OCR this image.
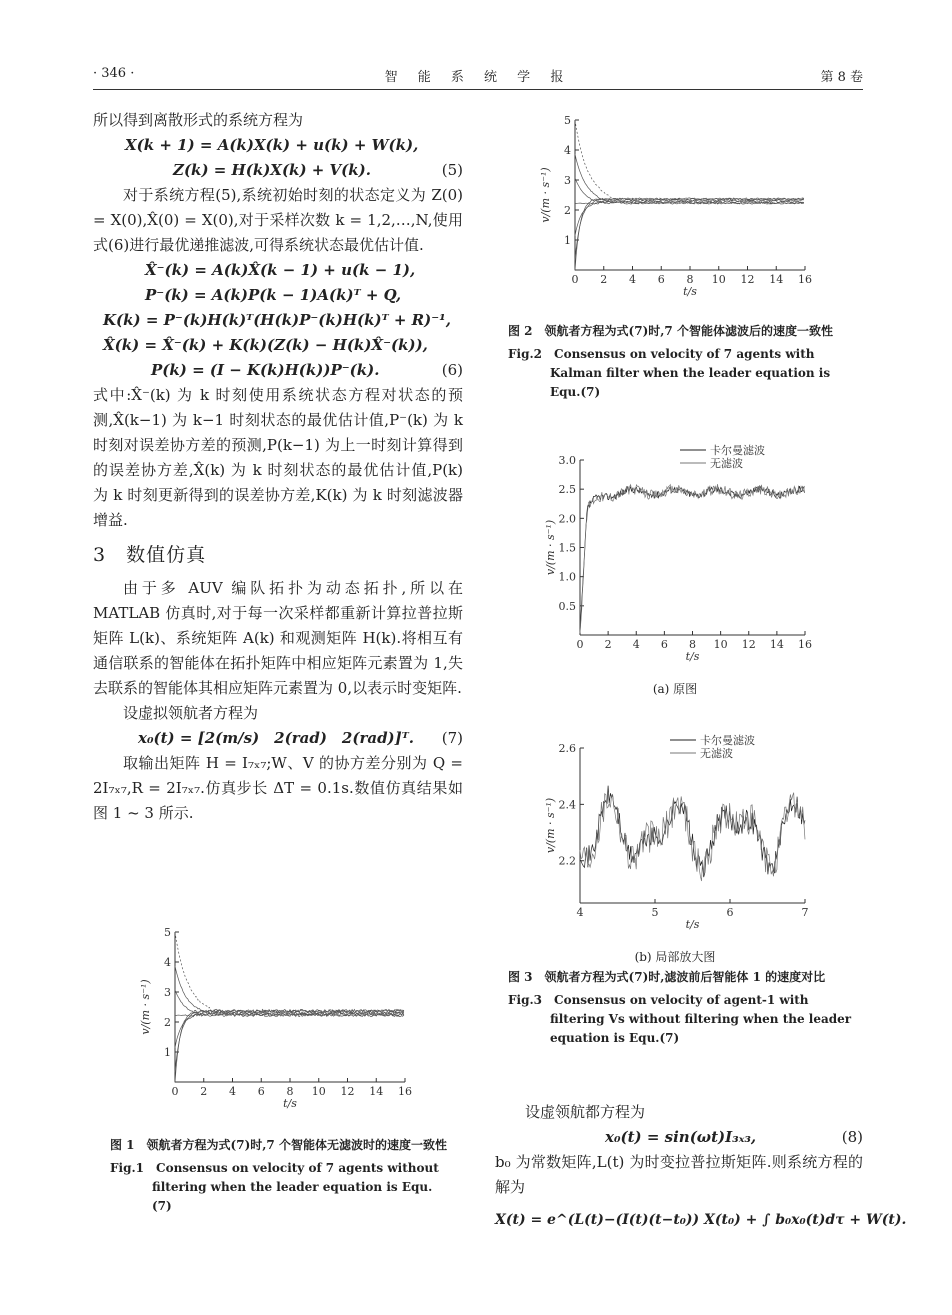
· 346 ·	智 能 系 统 学 报	第 8 卷

所以得到离散形式的系统方程为

X(k + 1) = A(k)X(k) + u(k) + W(k),
Z(k) = H(k)X(k) + V(k).	(5)

对于系统方程(5),系统初始时刻的状态定义为 Z(0) = X(0),X̂(0) = X(0),对于采样次数 k = 1,2,…,N,使用式(6)进行最优递推滤波,可得系统状态最优估计值.

X̂⁻(k) = A(k)X̂(k − 1) + u(k − 1),
P⁻(k) = A(k)P(k − 1)A(k)ᵀ + Q,
K(k) = P⁻(k)H(k)ᵀ(H(k)P⁻(k)H(k)ᵀ + R)⁻¹,
X̂(k) = X̂⁻(k) + K(k)(Z(k) − H(k)X̂⁻(k)),
P(k) = (I − K(k)H(k))P⁻(k).	(6)

式中:X̂⁻(k) 为 k 时刻使用系统状态方程对状态的预测,X̂(k−1) 为 k−1 时刻状态的最优估计值,P⁻(k) 为 k 时刻对误差协方差的预测,P(k−1) 为上一时刻计算得到的误差协方差,X̂(k) 为 k 时刻状态的最优估计值,P(k) 为 k 时刻更新得到的误差协方差,K(k) 为 k 时刻滤波器增益.

3　数值仿真

由于多 AUV 编队拓扑为动态拓扑,所以在 MATLAB 仿真时,对于每一次采样都重新计算拉普拉斯矩阵 L(k)、系统矩阵 A(k) 和观测矩阵 H(k).将相互有通信联系的智能体在拓扑矩阵中相应矩阵元素置为 1,失去联系的智能体其相应矩阵元素置为 0,以表示时变矩阵.

设虚拟领航者方程为

x₀(t) = [2(m/s)　2(rad)　2(rad)]ᵀ. (7)

取输出矩阵 H = I₇ₓ₇;W、V 的协方差分别为 Q = 2I₇ₓ₇,R = 2I₇ₓ₇.仿真步长 ΔT = 0.1s.数值仿真结果如图 1 ~ 3 所示.

0 2 4 6 8 10 12 14 16
1
2
3
4
5
t/s
v/(m · s⁻¹)
图 1　 领航者方程为式(7)时,7 个智能体无滤波时的速度一致性
Fig.1　 Consensus on velocity of 7 agents without filtering when the leader equation is Equ.(7)
0 2 4 6 8 10 12 14 16
1
2
3
4
5
t/s
v/(m · s⁻¹)
图 2　 领航者方程为式(7)时,7 个智能体滤波后的速度一致性
Fig.2　 Consensus on velocity of 7 agents with Kalman filter when the leader equation is Equ.(7)
0 2 4 6 8 10 12 14 16
0.5
1.0
1.5
2.0
2.5
3.0
t/s
v/(m · s⁻¹)
卡尔曼滤波
无滤波
(a) 原图
4	5	6	7
2.2
2.4
2.6
t/s
v/(m · s⁻¹)
卡尔曼滤波
无滤波
(b) 局部放大图
图 3　 领航者方程为式(7)时,滤波前后智能体 1 的速度对比
Fig.3　 Consensus on velocity of agent-1 with filtering Vs without filtering when the leader equation is Equ.(7)

设虚领航都方程为

x₀(t) = sin(ωt)I₃ₓ₃,	(8)

b₀ 为常数矩阵,L(t) 为时变拉普拉斯矩阵.则系统方程的解为

X(t) = e^(L(t)−(I(t)(t−t₀)) X(t₀) + ∫ b₀x₀(t)dτ + W(t).
